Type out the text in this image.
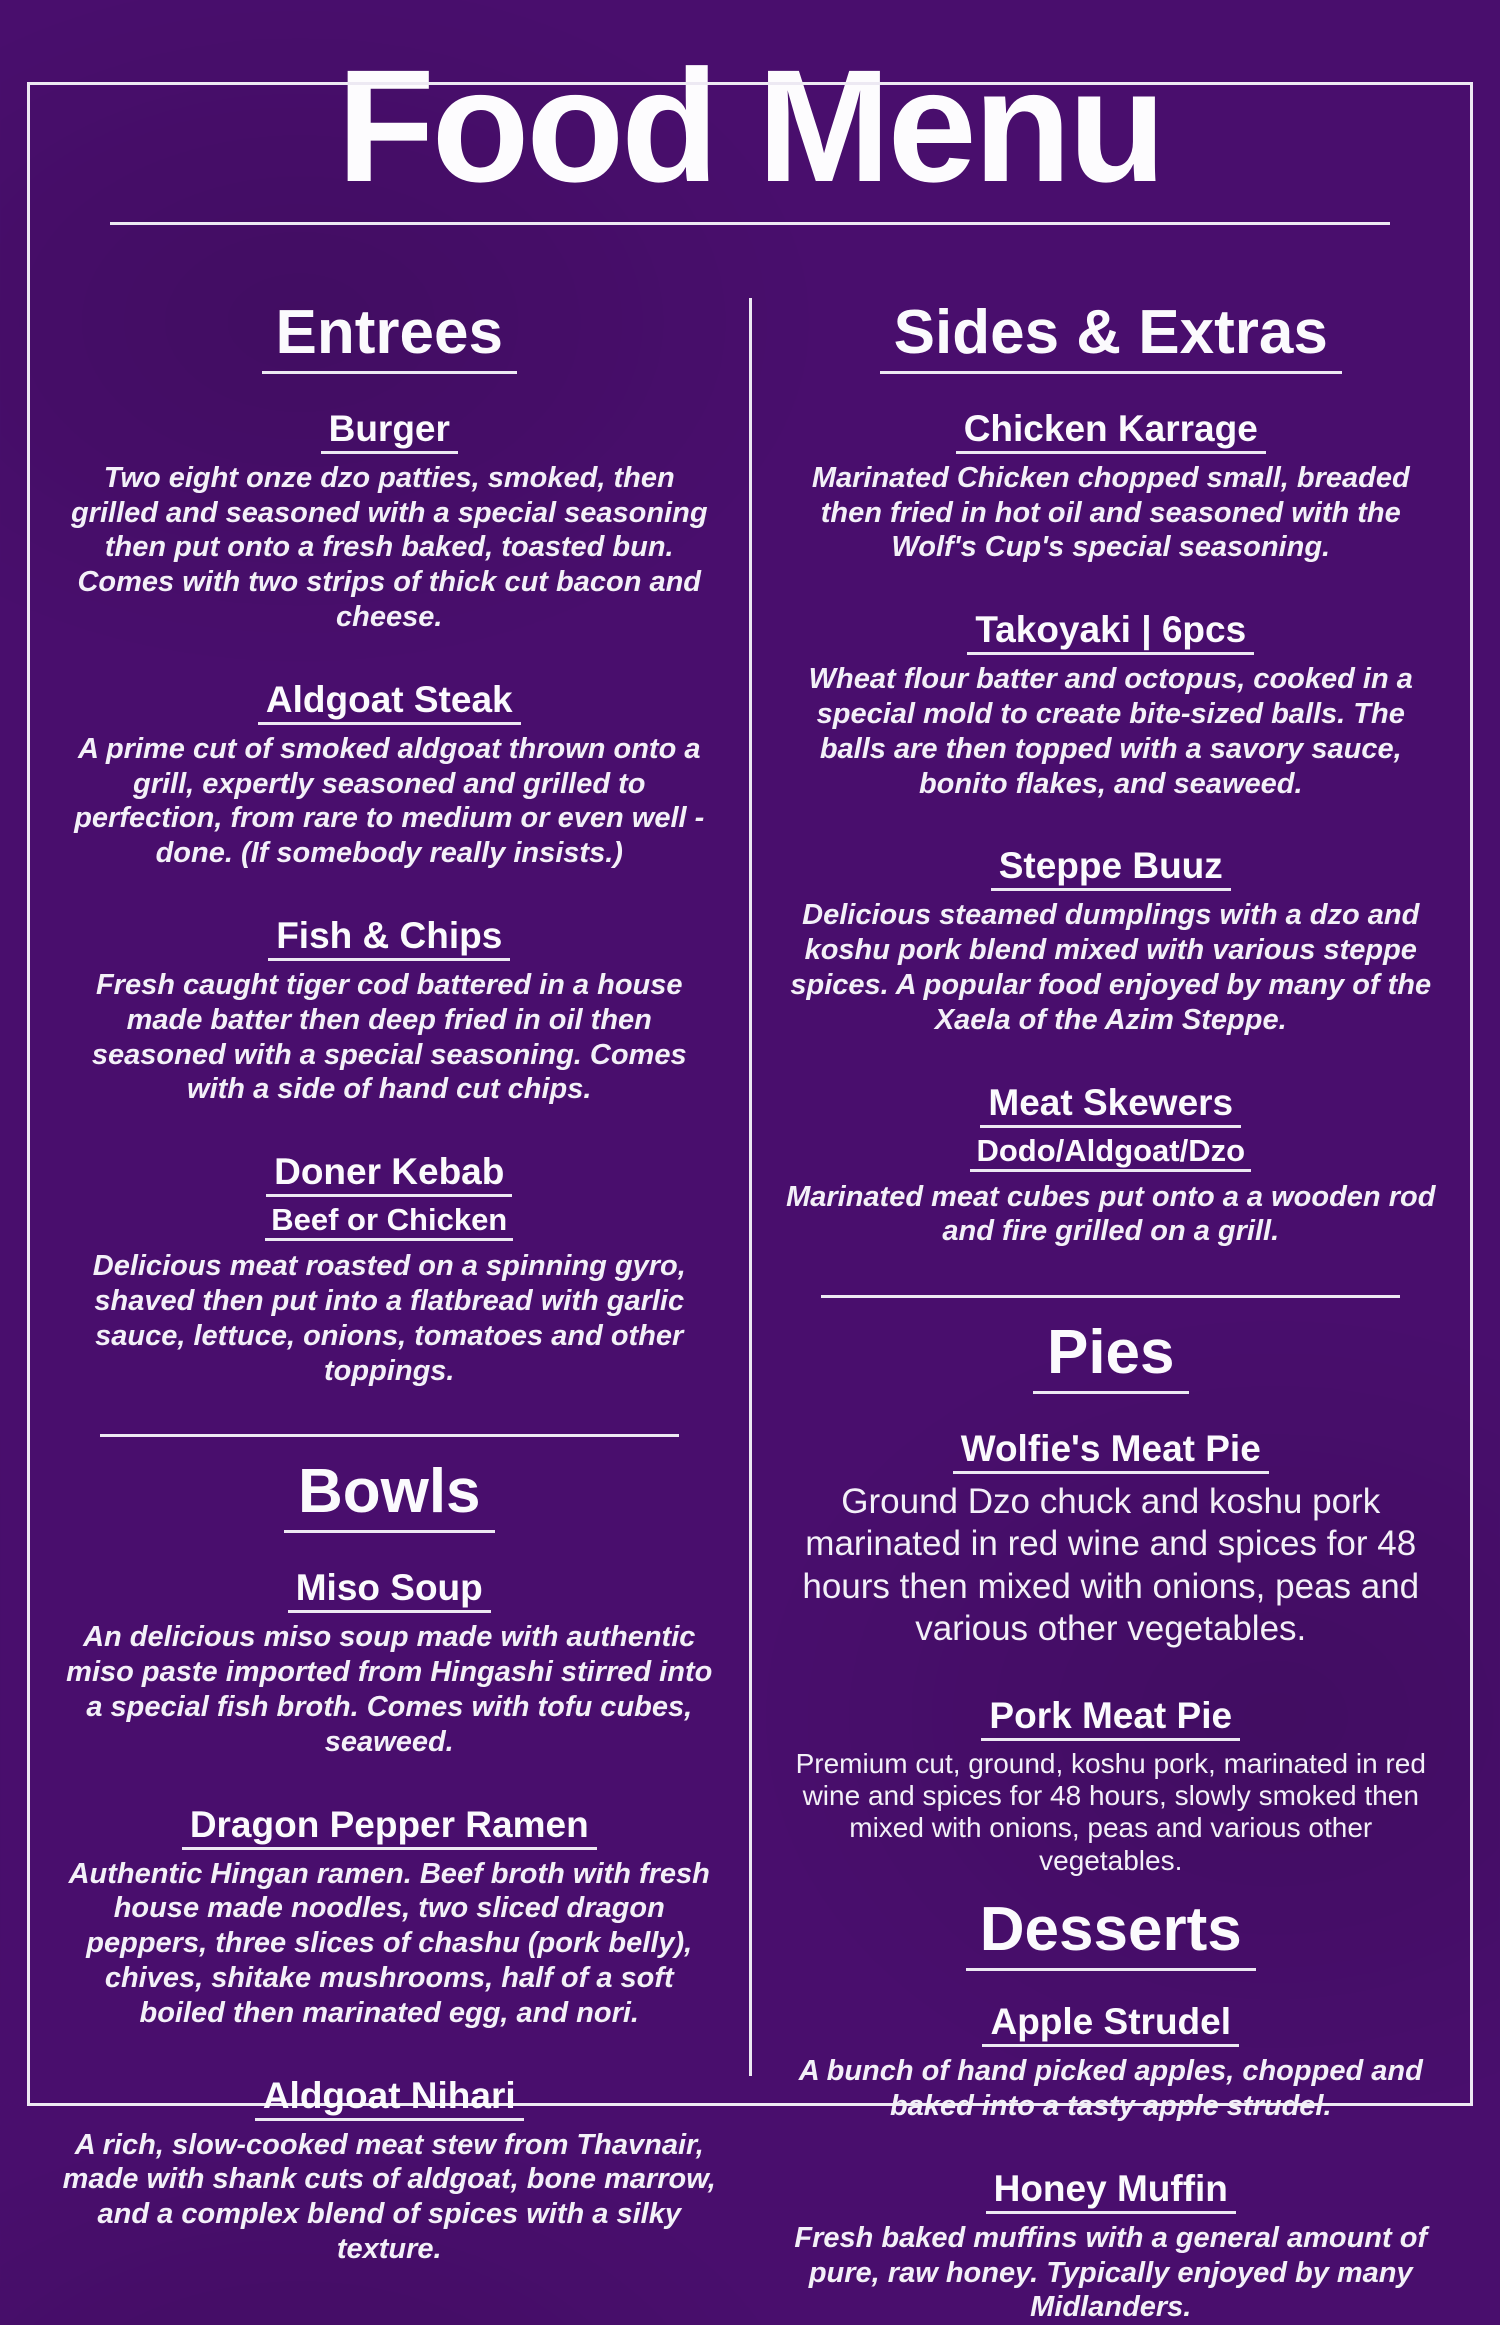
Food Menu
Entrees
Burger
Two eight onze dzo patties, smoked, then grilled and seasoned with a special seasoning then put onto a fresh baked, toasted bun. Comes with two strips of thick cut bacon and cheese.
Aldgoat Steak
A prime cut of smoked aldgoat thrown onto a grill, expertly seasoned and grilled to perfection, from rare to medium or even well -done. (If somebody really insists.)
Fish & Chips
Fresh caught tiger cod battered in a house made batter then deep fried in oil then seasoned with a special seasoning. Comes with a side of hand cut chips.
Doner Kebab
Beef or Chicken
Delicious meat roasted on a spinning gyro, shaved then put into a flatbread with garlic sauce, lettuce, onions, tomatoes and other toppings.
Bowls
Miso Soup
An delicious miso soup made with authentic miso paste imported from Hingashi stirred into a special fish broth. Comes with tofu cubes, seaweed.
Dragon Pepper Ramen
Authentic Hingan ramen. Beef broth with fresh house made noodles, two sliced dragon peppers, three slices of chashu (pork belly), chives, shitake mushrooms, half of a soft boiled then marinated egg, and nori.
Aldgoat Nihari
A rich, slow-cooked meat stew from Thavnair, made with shank cuts of aldgoat, bone marrow, and a complex blend of spices with a silky texture.
Sides & Extras
Chicken Karrage
Marinated Chicken chopped small, breaded then fried in hot oil and seasoned with the Wolf's Cup's special seasoning.
Takoyaki | 6pcs
Wheat flour batter and octopus, cooked in a special mold to create bite-sized balls. The balls are then topped with a savory sauce, bonito flakes, and seaweed.
Steppe Buuz
Delicious steamed dumplings with a dzo and koshu pork blend mixed with various steppe spices. A popular food enjoyed by many of the Xaela of the Azim Steppe.
Meat Skewers
Dodo/Aldgoat/Dzo
Marinated meat cubes put onto a a wooden rod and fire grilled on a grill.
Pies
Wolfie's Meat Pie
Ground Dzo chuck and koshu pork marinated in red wine and spices for 48 hours then mixed with onions, peas and various other vegetables.
Pork Meat Pie
Premium cut, ground, koshu pork, marinated in red wine and spices for 48 hours, slowly smoked then mixed with onions, peas and various other vegetables.
Desserts
Apple Strudel
A bunch of hand picked apples, chopped and baked into a tasty apple strudel.
Honey Muffin
Fresh baked muffins with a general amount of pure, raw honey. Typically enjoyed by many Midlanders.
